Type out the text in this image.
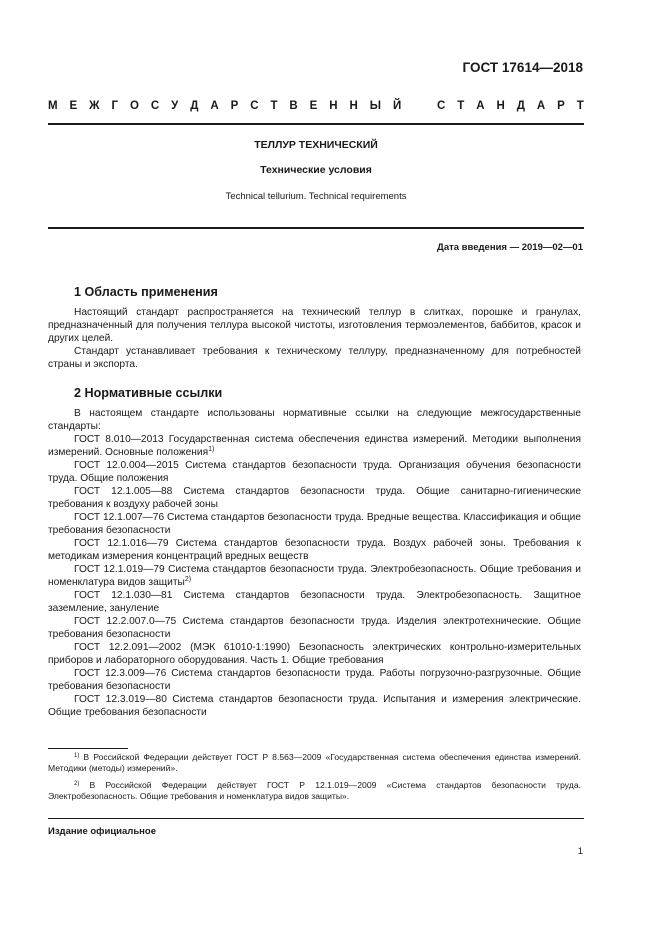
ГОСТ 17614—2018
М Е Ж Г О С У Д А Р С Т В Е Н Н Ы Й	С Т А Н Д А Р Т
ТЕЛЛУР ТЕХНИЧЕСКИЙ
Технические условия
Technical tellurium. Technical requirements
Дата введения — 2019—02—01
1 Область применения

Настоящий стандарт распространяется на технический теллур в слитках, порошке и гранулах, предназначенный для получения теллура высокой чистоты, изготовления термоэлементов, баббитов, красок и других целей.

Стандарт устанавливает требования к техническому теллуру, предназначенному для потребностей страны и экспорта.

2 Нормативные ссылки

В настоящем стандарте использованы нормативные ссылки на следующие межгосударственные стандарты:

ГОСТ 8.010—2013 Государственная система обеспечения единства измерений. Методики выполнения измерений. Основные положения$^{1)}$

ГОСТ 12.0.004—2015 Система стандартов безопасности труда. Организация обучения безопасности труда. Общие положения

ГОСТ 12.1.005—88 Система стандартов безопасности труда. Общие санитарно-гигиенические требования к воздуху рабочей зоны

ГОСТ 12.1.007—76 Система стандартов безопасности труда. Вредные вещества. Классификация и общие требования безопасности

ГОСТ 12.1.016—79 Система стандартов безопасности труда. Воздух рабочей зоны. Требования к методикам измерения концентраций вредных веществ

ГОСТ 12.1.019—79 Система стандартов безопасности труда. Электробезопасность. Общие требования и номенклатура видов защиты$^{2)}$

ГОСТ 12.1.030—81 Система стандартов безопасности труда. Электробезопасность. Защитное заземление, зануление

ГОСТ 12.2.007.0—75 Система стандартов безопасности труда. Изделия электротехнические. Общие требования безопасности

ГОСТ 12.2.091—2002 (МЭК 61010-1:1990) Безопасность электрических контрольно-измерительных приборов и лабораторного оборудования. Часть 1. Общие требования

ГОСТ 12.3.009—76 Система стандартов безопасности труда. Работы погрузочно-разгрузочные. Общие требования безопасности

ГОСТ 12.3.019—80 Система стандартов безопасности труда. Испытания и измерения электрические. Общие требования безопасности

$^{1)}$ В Российской Федерации действует ГОСТ Р 8.563—2009 «Государственная система обеспечения единства измерений. Методики (методы) измерений».

$^{2)}$ В Российской Федерации действует ГОСТ Р 12.1.019—2009 «Система стандартов безопасности труда. Электробезопасность. Общие требования и номенклатура видов защиты».

Издание официальное
1
